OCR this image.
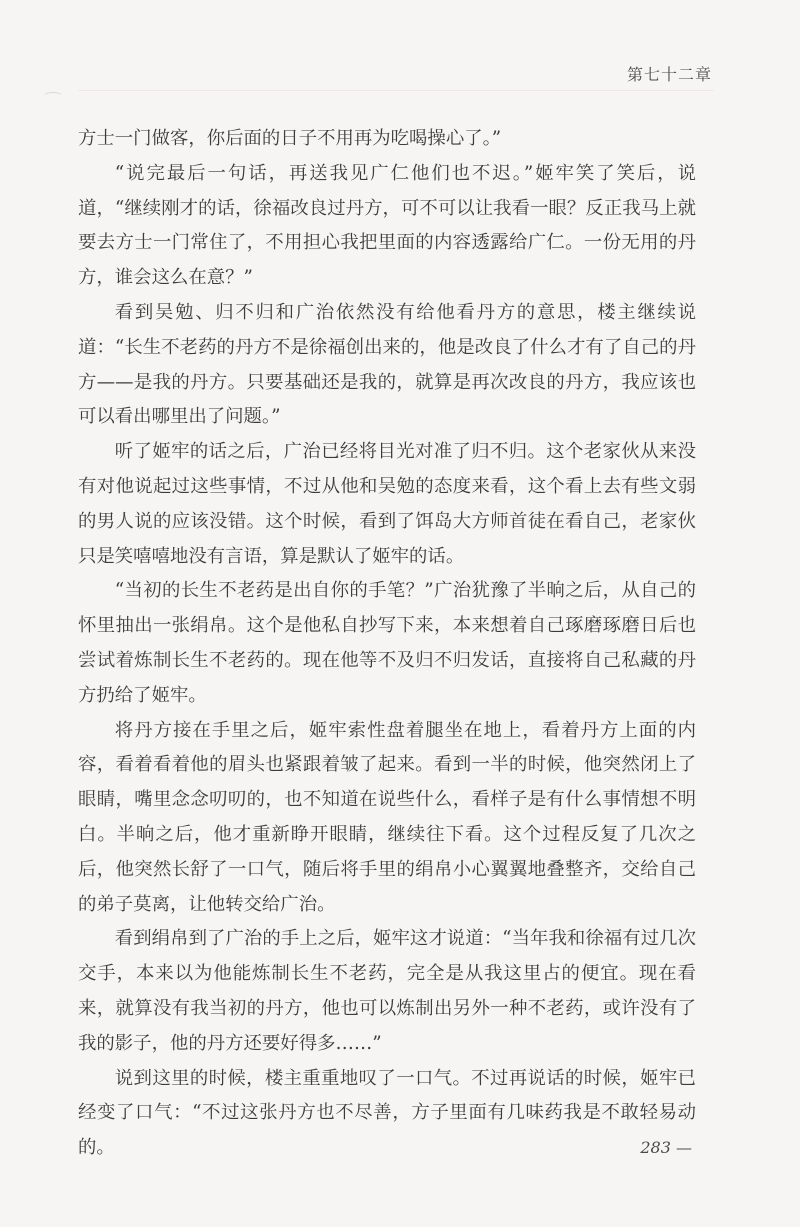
第七十二章

方士一门做客，你后面的日子不用再为吃喝操心了。”

“说完最后一句话，再送我见广仁他们也不迟。”姬牢笑了笑后，说道，“继续刚才的话，徐福改良过丹方，可不可以让我看一眼？反正我马上就要去方士一门常住了，不用担心我把里面的内容透露给广仁。一份无用的丹方，谁会这么在意？”

看到吴勉、归不归和广治依然没有给他看丹方的意思，楼主继续说道：“长生不老药的丹方不是徐福创出来的，他是改良了什么才有了自己的丹方——是我的丹方。只要基础还是我的，就算是再次改良的丹方，我应该也可以看出哪里出了问题。”

听了姬牢的话之后，广治已经将目光对准了归不归。这个老家伙从来没有对他说起过这些事情，不过从他和吴勉的态度来看，这个看上去有些文弱的男人说的应该没错。这个时候，看到了饵岛大方师首徒在看自己，老家伙只是笑嘻嘻地没有言语，算是默认了姬牢的话。

“当初的长生不老药是出自你的手笔？”广治犹豫了半晌之后，从自己的怀里抽出一张绢帛。这个是他私自抄写下来，本来想着自己琢磨琢磨日后也尝试着炼制长生不老药的。现在他等不及归不归发话，直接将自己私藏的丹方扔给了姬牢。

将丹方接在手里之后，姬牢索性盘着腿坐在地上，看着丹方上面的内容，看着看着他的眉头也紧跟着皱了起来。看到一半的时候，他突然闭上了眼睛，嘴里念念叨叨的，也不知道在说些什么，看样子是有什么事情想不明白。半晌之后，他才重新睁开眼睛，继续往下看。这个过程反复了几次之后，他突然长舒了一口气，随后将手里的绢帛小心翼翼地叠整齐，交给自己的弟子莫离，让他转交给广治。

看到绢帛到了广治的手上之后，姬牢这才说道：“当年我和徐福有过几次交手，本来以为他能炼制长生不老药，完全是从我这里占的便宜。现在看来，就算没有我当初的丹方，他也可以炼制出另外一种不老药，或许没有了我的影子，他的丹方还要好得多……”

说到这里的时候，楼主重重地叹了一口气。不过再说话的时候，姬牢已经变了口气：“不过这张丹方也不尽善，方子里面有几味药我是不敢轻易动的。	283 —
